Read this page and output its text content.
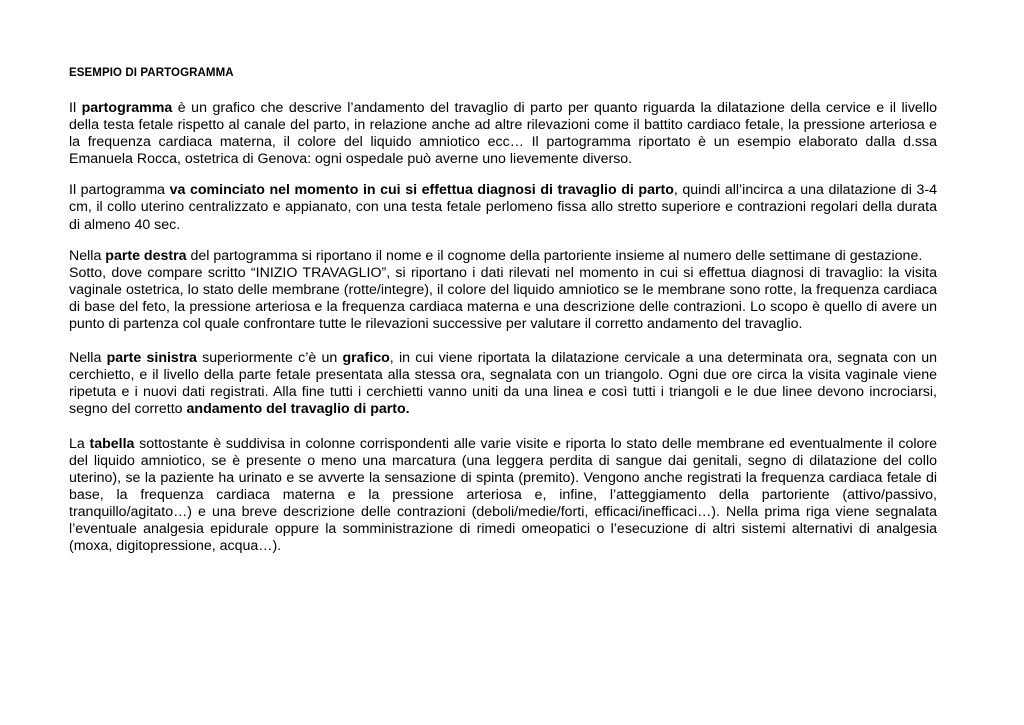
ESEMPIO DI PARTOGRAMMA

Il partogramma è un grafico che descrive l’andamento del travaglio di parto per quanto riguarda la dilatazione della cervice e il livello della testa fetale rispetto al canale del parto, in relazione anche ad altre rilevazioni come il battito cardiaco fetale, la pressione arteriosa e la frequenza cardiaca materna, il colore del liquido amniotico ecc… Il partogramma riportato è un esempio elaborato dalla d.ssa Emanuela Rocca, ostetrica di Genova: ogni ospedale può averne uno lievemente diverso.

Il partogramma va cominciato nel momento in cui si effettua diagnosi di travaglio di parto, quindi all’incirca a una dilatazione di 3-4 cm, il collo uterino centralizzato e appianato, con una testa fetale perlomeno fissa allo stretto superiore e contrazioni regolari della durata di almeno 40 sec.

Nella parte destra del partogramma si riportano il nome e il cognome della partoriente insieme al numero delle settimane di gestazione.

Sotto, dove compare scritto “INIZIO TRAVAGLIO”, si riportano i dati rilevati nel momento in cui si effettua diagnosi di travaglio: la visita vaginale ostetrica, lo stato delle membrane (rotte/integre), il colore del liquido amniotico se le membrane sono rotte, la frequenza cardiaca di base del feto, la pressione arteriosa e la frequenza cardiaca materna e una descrizione delle contrazioni. Lo scopo è quello di avere un punto di partenza col quale confrontare tutte le rilevazioni successive per valutare il corretto andamento del travaglio.

Nella parte sinistra superiormente c’è un grafico, in cui viene riportata la dilatazione cervicale a una determinata ora, segnata con un cerchietto, e il livello della parte fetale presentata alla stessa ora, segnalata con un triangolo. Ogni due ore circa la visita vaginale viene ripetuta e i nuovi dati registrati. Alla fine tutti i cerchietti vanno uniti da una linea e così tutti i triangoli e le due linee devono incrociarsi, segno del corretto andamento del travaglio di parto.

La tabella sottostante è suddivisa in colonne corrispondenti alle varie visite e riporta lo stato delle membrane ed eventualmente il colore del liquido amniotico, se è presente o meno una marcatura (una leggera perdita di sangue dai genitali, segno di dilatazione del collo uterino), se la paziente ha urinato e se avverte la sensazione di spinta (premito). Vengono anche registrati la frequenza cardiaca fetale di base, la frequenza cardiaca materna e la pressione arteriosa e, infine, l’atteggiamento della partoriente (attivo/passivo, tranquillo/agitato…) e una breve descrizione delle contrazioni (deboli/medie/forti, efficaci/inefficaci…). Nella prima riga viene segnalata l’eventuale analgesia epidurale oppure la somministrazione di rimedi omeopatici o l’esecuzione di altri sistemi alternativi di analgesia (moxa, digitopressione, acqua…).
